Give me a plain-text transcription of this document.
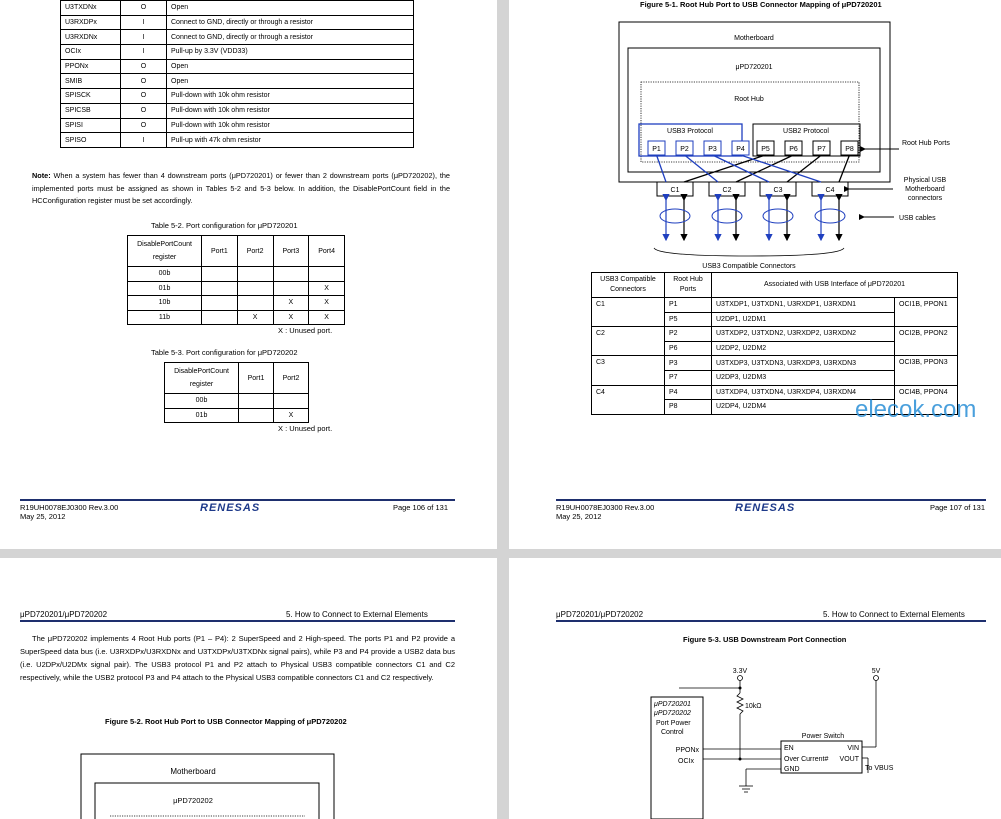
U3TXDNx	O	Open
U3RXDPx	I	Connect to GND, directly or through a resistor
U3RXDNx	I	Connect to GND, directly or through a resistor
OCIx	I	Pull-up by 3.3V (VDD33)
PPONx	O	Open
SMIB	O	Open
SPISCK	O	Pull-down with 10k ohm resistor
SPICSB	O	Pull-down with 10k ohm resistor
SPISI	O	Pull-down with 10k ohm resistor
SPISO	I	Pull-up with 47k ohm resistor
Note: When a system has fewer than 4 downstream ports (μPD720201) or fewer than 2 downstream ports (μPD720202), the implemented ports must be assigned as shown in Tables 5-2 and 5-3 below. In addition, the DisablePortCount field in the HCConfiguration register must be set accordingly.
Table 5-2. Port configuration for μPD720201
DisablePortCount register	Port1	Port2	Port3	Port4
00b				
01b				X
10b			X	X
11b		X	X	X
X : Unused port.
Table 5-3. Port configuration for μPD720202
DisablePortCount register	Port1	Port2
00b		
01b		X
X : Unused port.
R19UH0078EJ0300 Rev.3.00
May 25, 2012
RENESAS	Page 106 of 131
Figure 5-1. Root Hub Port to USB Connector Mapping of μPD720201
Motherboard
μPD720201
Root Hub
USB3 Protocol	USB2 Protocol
P1	P2	P3	P4 P5	P6	P7	P8
C1	C2	C3	C4
Root Hub Ports
Physical USB Motherboard connectors
USB cables
USB3 Compatible Connectors
USB3 Compatible Connectors	Root Hub Ports	Associated with USB Interface of μPD720201	
C1	P1	U3TXDP1, U3TXDN1, U3RXDP1, U3RXDN1	OCI1B, PPON1
	P5	U2DP1, U2DM1	
C2	P2	U3TXDP2, U3TXDN2, U3RXDP2, U3RXDN2	OCI2B, PPON2
	P6	U2DP2, U2DM2	
C3	P3	U3TXDP3, U3TXDN3, U3RXDP3, U3RXDN3	OCI3B, PPON3
	P7	U2DP3, U2DM3	
C4	P4	U3TXDP4, U3TXDN4, U3RXDP4, U3RXDN4	OCI4B, PPON4
	P8	U2DP4, U2DM4		elecok.com
R19UH0078EJ0300 Rev.3.00
May 25, 2012
RENESAS	Page 107 of 131
μPD720201/μPD720202	5. How to Connect to External Elements
The μPD720202 implements 4 Root Hub ports (P1 – P4): 2 SuperSpeed and 2 High-speed. The ports P1 and P2 provide a SuperSpeed data bus (i.e. U3RXDPx/U3RXDNx and U3TXDPx/U3TXDNx signal pairs), while P3 and P4 provide a USB2 data bus (i.e. U2DPx/U2DMx signal pair). The USB3 protocol P1 and P2 attach to Physical USB3 compatible connectors C1 and C2 respectively, while the USB2 protocol P3 and P4 attach to the Physical USB3 compatible connectors C1 and C2 respectively.
Figure 5-2. Root Hub Port to USB Connector Mapping of μPD720202
Motherboard
μPD720202
μPD720201/μPD720202	5. How to Connect to External Elements
Figure 5-3. USB Downstream Port Connection
3.3V	5V
10kΩ
μPD720201 μPD720202
Port Power Control
PPONx
OCIx
Power Switch
EN	VIN
Over Current# VOUT
GND	To VBUS
